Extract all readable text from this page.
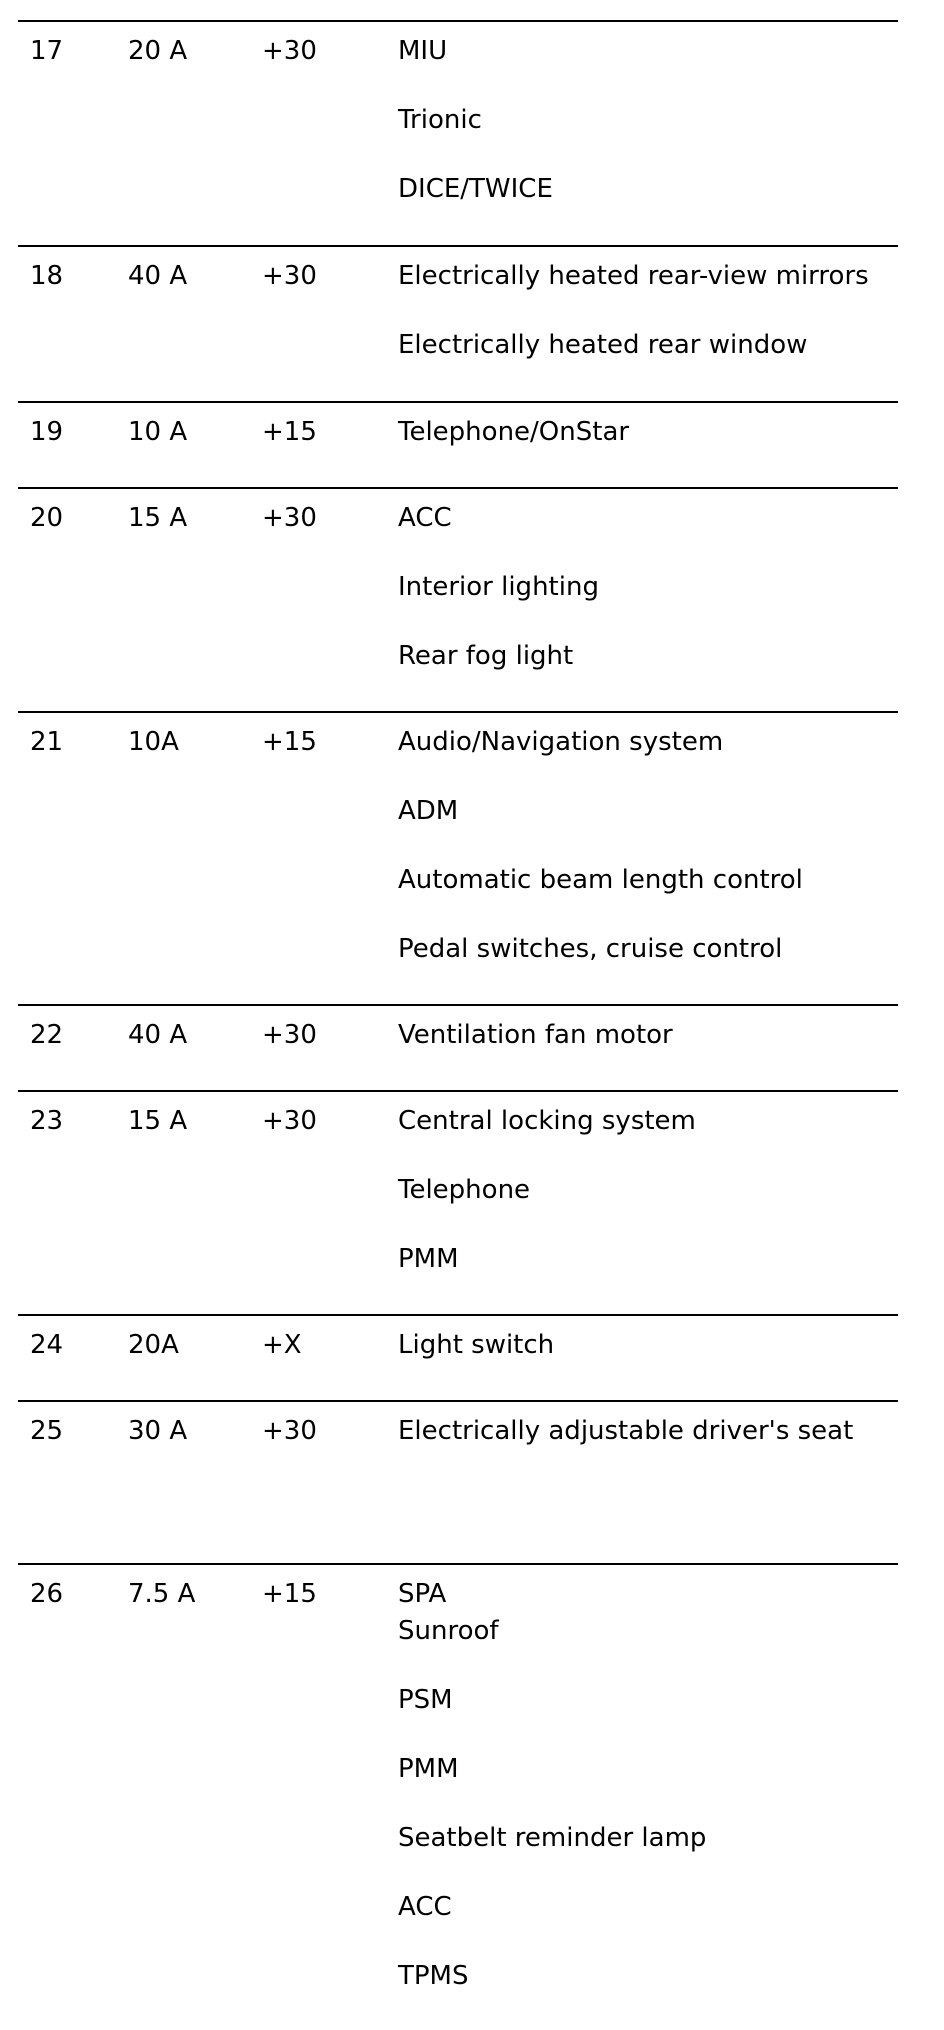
17 20 A	+30	MIU
Trionic
DICE/TWICE
18 40 A	+30	Electrically heated rear-view mirrors
Electrically heated rear window
19 10 A	+15	Telephone/OnStar
20 15 A	+30	ACC
Interior lighting
Rear fog light
21 10A	+15	Audio/Navigation system
ADM
Automatic beam length control
Pedal switches, cruise control
22 40 A	+30	Ventilation fan motor
23 15 A	+30	Central locking system
Telephone
PMM
24 20A	+X	Light switch
25 30 A	+30	Electrically adjustable driver's seat
26 7.5 A	+15	SPA
Sunroof
PSM
PMM
Seatbelt reminder lamp
ACC
TPMS
